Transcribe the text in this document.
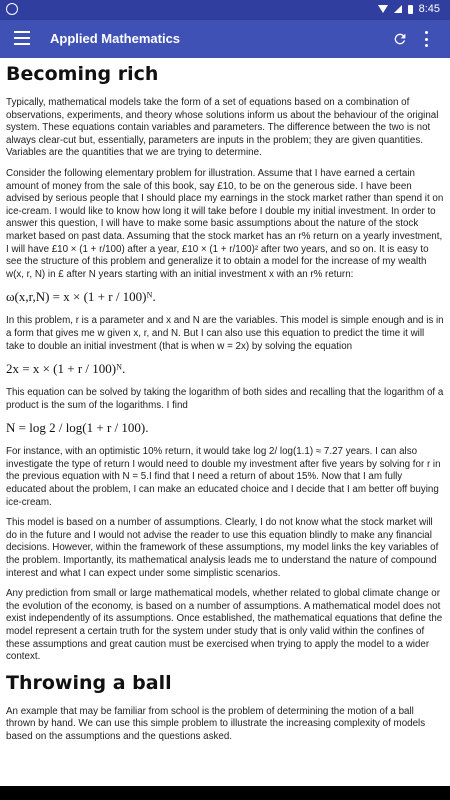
8:45
Applied Mathematics
Becoming rich

Typically, mathematical models take the form of a set of equations based on a combination of observations, experiments, and theory whose solutions inform us about the behaviour of the original system. These equations contain variables and parameters. The difference between the two is not always clear-cut but, essentially, parameters are inputs in the problem; they are given quantities. Variables are the quantities that we are trying to determine.

Consider the following elementary problem for illustration. Assume that I have earned a certain amount of money from the sale of this book, say £10, to be on the generous side. I have been advised by serious people that I should place my earnings in the stock market rather than spend it on ice-cream. I would like to know how long it will take before I double my initial investment. In order to answer this question, I will have to make some basic assumptions about the nature of the stock market based on past data. Assuming that the stock market has an r% return on a yearly investment, I will have £10 × (1 + r/100) after a year, £10 × (1 + r/100)² after two years, and so on. It is easy to see the structure of this problem and generalize it to obtain a model for the increase of my wealth w(x, r, N) in £ after N years starting with an initial investment x with an r% return:

ω(x,r,N) = x × (1 + r / 100)ᴺ.

In this problem, r is a parameter and x and N are the variables. This model is simple enough and is in a form that gives me w given x, r, and N. But I can also use this equation to predict the time it will take to double an initial investment (that is when w = 2x) by solving the equation

2x = x × (1 + r / 100)ᴺ.

This equation can be solved by taking the logarithm of both sides and recalling that the logarithm of a product is the sum of the logarithms. I find

N = log 2 / log(1 + r / 100).

For instance, with an optimistic 10% return, it would take log 2/ log(1.1) ≈ 7.27 years. I can also investigate the type of return I would need to double my investment after five years by solving for r in the previous equation with N = 5.I find that I need a return of about 15%. Now that I am fully educated about the problem, I can make an educated choice and I decide that I am better off buying ice-cream.

This model is based on a number of assumptions. Clearly, I do not know what the stock market will do in the future and I would not advise the reader to use this equation blindly to make any financial decisions. However, within the framework of these assumptions, my model links the key variables of the problem. Importantly, its mathematical analysis leads me to understand the nature of compound interest and what I can expect under some simplistic scenarios.

Any prediction from small or large mathematical models, whether related to global climate change or the evolution of the economy, is based on a number of assumptions. A mathematical model does not exist independently of its assumptions. Once established, the mathematical equations that define the model represent a certain truth for the system under study that is only valid within the confines of these assumptions and great caution must be exercised when trying to apply the model to a wider context.

Throwing a ball

An example that may be familiar from school is the problem of determining the motion of a ball thrown by hand. We can use this simple problem to illustrate the increasing complexity of models based on the assumptions and the questions asked.
